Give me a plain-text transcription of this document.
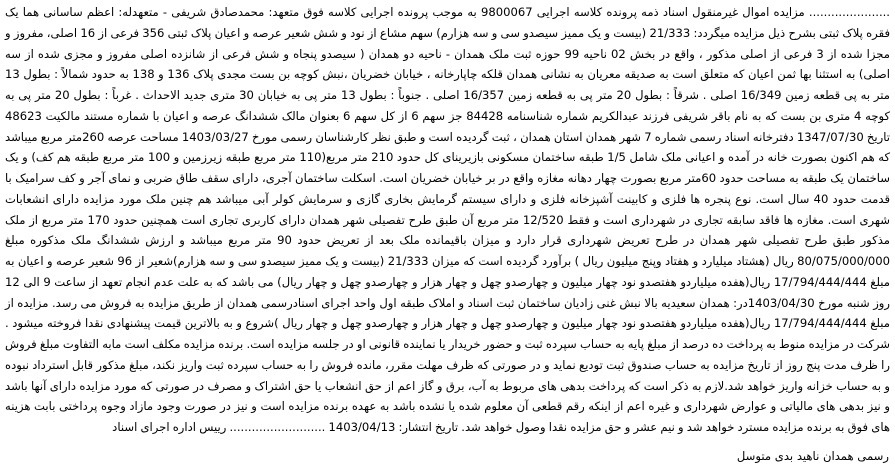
...................... مزایده اموال غیرمنقول اسناد ذمه پرونده کلاسه اجرایی 9800067 به موجب پرونده اجرایی کلاسه فوق متعهد: محمدصادق شریفی - متعهدله: اعظم ساسانی هما یک فقره پلاک ثبتی بشرح ذیل مزایده میگردد: 21/333 (بیست و یک ممیز سیصدو سی و سه هزارم) سهم مشاع از نود و شش شعیر عرصه و اعیان پلاک ثبتی 356 فرعی از 16 اصلی، مفروز و مجزا شده از 3 فرعی از اصلی مذکور ، واقع در بخش 02 ناحیه 99 حوزه ثبت ملک همدان - ناحیه دو همدان ( سیصدو پنجاه و شش فرعی از شانزده اصلی مفروز و مجزی شده از سه اصلی) به استثنا بها ثمن اعیان که متعلق است به صدیقه معریان به نشانی همدان قلکه چاپارخانه ، خیابان خضریان ،نبش کوچه بن بست مجدی پلاک 136 و 138 به حدود شمالاً : بطول 13 متر به پی قطعه زمین 16/349 اصلی . شرقاً : بطول 20 متر پی به قطعه زمین 16/357 اصلی . جنوباً : بطول 13 متر پی به خیابان 30 متری جدید الاحداث . غرباً : بطول 20 متر پی به کوچه 4 متری بن بست که به نام باقر شریفی فرزند عبدالکریم شماره شناسنامه 84428 جز سهم 6 از کل سهم 6 بعنوان مالک ششدانگ عرصه و اعیان با شماره مستند مالکیت 48623 تاریخ 1347/07/30 دفترخانه اسناد رسمی شماره 7 شهر همدان استان همدان ، ثبت گردیده است و طبق نظر کارشناسان رسمی مورخ 1403/03/27 مساحت عرصه 260متر مربع میباشد که هم اکنون بصورت خانه در آمده و اعیانی ملک شامل 1/5 طبقه ساختمان مسکونی بازیرینای کل حدود 210 متر مربع(110 متر مربع طبقه زیرزمین و 100 متر مربع طبقه هم کف) و یک ساختمان یک طبقه به مساحت حدود 60متر مربع بصورت چهار دهانه مغازه واقع در بر خیابان خضریان است. اسکلت ساختمان آجری، دارای سقف طاق ضربی و نمای آجر و کف سرامیک با قدمت حدود 40 سال است. نوع پنجره ها فلزی و کابینت آشپزخانه فلزی و دارای سیستم گرمایش بخاری گازی و سرمایش کولر آبی میباشد هم چنین ملک مورد مزایده دارای انشعابات شهری است. مغازه ها فاقد سابقه تجاری در شهرداری است و فقط 12/520 متر مربع آن طبق طرح تفصیلی شهر همدان دارای کاربری تجاری است همچنین حدود 170 متر مربع از ملک مذکور طبق طرح تفصیلی شهر همدان در طرح تعریض شهرداری قرار دارد و میزان باقیمانده ملک بعد از تعریض حدود 90 متر مربع میباشد و ارزش ششدانگ ملک مذکوره مبلغ 80/075/000/000 ریال (هشتاد میلیارد و هفتاد وپنج میلیون ریال ) برآورد گردیده است که میزان 21/333 (بیست و یک ممیز سیصدو سی و سه هزارم)شعیر از 96 شعیر عرصه و اعیان به مبلغ 17/794/444/444 ریال(هفده میلیاردو هفتصدو نود چهار میلیون و چهارصدو چهل و چهار هزار و چهارصدو چهل و چهار ریال) می باشد که به علت عدم انجام تعهد از ساعت 9 الی 12 روز شنبه مورخ 1403/04/30در: همدان سعیدیه بالا نبش غنی زادیان ساختمان ثبت اسناد و املاک طبقه اول واحد اجرای اسنادرسمی همدان از طریق مزایده به فروش می رسد. مزایده از مبلغ 17/794/444/444 ریال(هفده میلیاردو هفتصدو نود چهار میلیون و چهارصدو چهل و چهار هزار و چهارصدو چهل و چهار ریال )شروع و به بالاترین قیمت پیشنهادی نقدا فروخته میشود . شرکت در مزایده منوط به پرداخت ده درصد از مبلغ پایه به حساب سپرده ثبت و حضور خریدار یا نماینده قانونی او در جلسه مزایده است. برنده مزایده مکلف است مابه التفاوت مبلغ فروش را ظرف مدت پنج روز از تاریخ مزایده به حساب صندوق ثبت تودیع نماید و در صورتی که ظرف مهلت مقرر، مانده فروش را به حساب سپرده ثبت واریز نکند، مبلغ مذکور قابل استرداد نبوده و به حساب خزانه واریز خواهد شد.لازم به ذکر است که پرداخت بدهی های مربوط به آب، برق و گاز اعم از حق انشعاب یا حق اشتراک و مصرف در صورتی که مورد مزایده دارای آنها باشد و نیز بدهی های مالیاتی و عوارض شهرداری و غیره اعم از اینکه رقم قطعی آن معلوم شده یا نشده باشد به عهده برنده مزایده است و نیز در صورت وجود مازاد وجوه پرداختی بابت هزینه های فوق به برنده مزایده مسترد خواهد شد و نیم عشر و حق مزایده نقدا وصول خواهد شد. تاریخ انتشار: 1403/04/13 .......................... رییس اداره اجرای اسناد

رسمی همدان ناهید بدی متوسل
